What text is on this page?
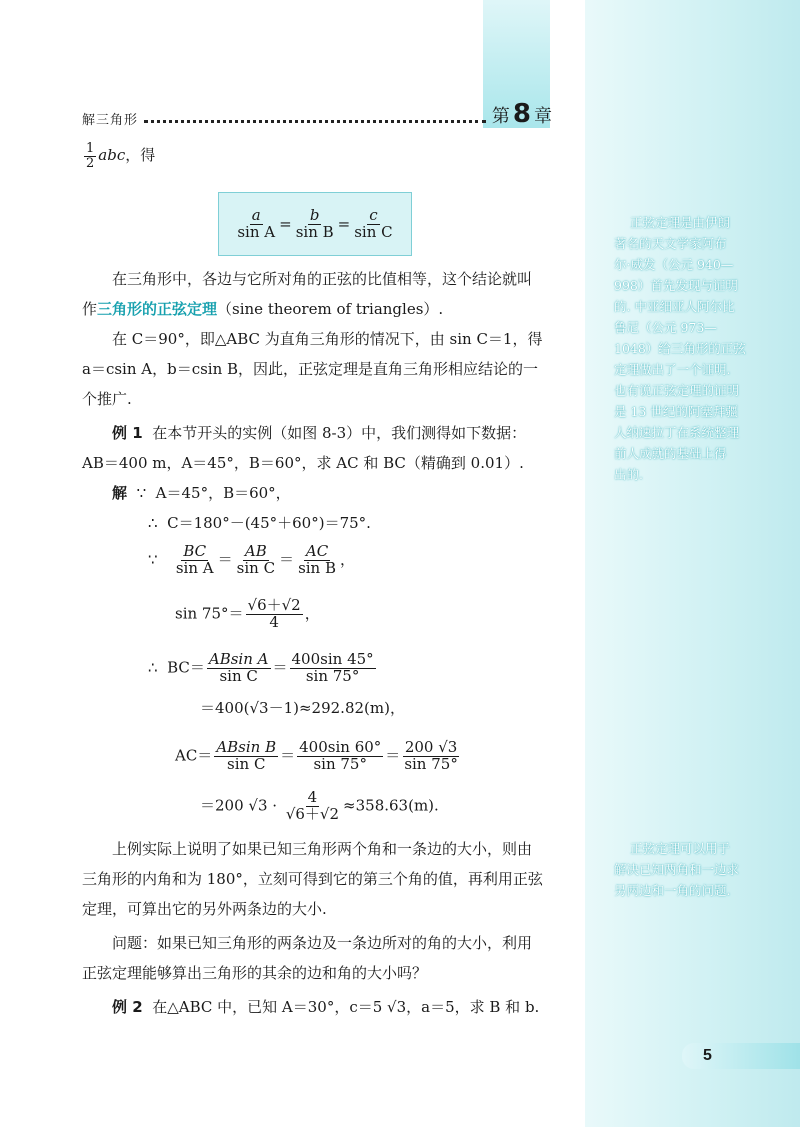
解三角形	第 8 章
$\frac{1}{2}$ abc，得
$\frac{a}{\text{sin A}} = \frac{b}{\text{sin B}} = \frac{c}{\text{sin C}}$
在三角形中，各边与它所对角的正弦的比值相等，这个结论就叫
作三角形的正弦定理（sine theorem of triangles）.
在 C＝90°，即△ABC 为直角三角形的情况下，由 sin C＝1，得
a＝csin A，b＝csin B，因此，正弦定理是直角三角形相应结论的一
个推广.
例 1 在本节开头的实例（如图 8-3）中，我们测得如下数据：
AB＝400 m，A＝45°，B＝60°，求 AC 和 BC（精确到 0.01）.
解 ∵ A＝45°，B＝60°，
∴ C＝180°－(45°＋60°)＝75°.
∵ $\frac{BC}{\text{sin A}} = \frac{AB}{\text{sin C}} = \frac{AC}{\text{sin B}}$ ，
$\sin 75^\circ= \frac{√6+√2}{4}$ ，
∴ $BC= \frac{\text{ABsin A}}{\text{sin C}} = \frac{400\sin 45^\circ}{\sin 75^\circ}$
＝400(√3－1)≈292.82(m)，
$AC= \frac{\text{ABsin B}}{\text{sin C}} = \frac{400\sin 60^\circ}{\sin 75^\circ} = \frac{200 √3}{\sin 75^\circ}$
＝200 $√3 \cdot \frac{4}{√6+√2} \approx 358.63(m)$.
上例实际上说明了如果已知三角形两个角和一条边的大小，则由
三角形的内角和为 180°，立刻可得到它的第三个角的值，再利用正弦
定理，可算出它的另外两条边的大小.
问题：如果已知三角形的两条边及一条边所对的角的大小，利用
正弦定理能够算出三角形的其余的边和角的大小吗？
例 2 在△ABC 中，已知 A＝30°，c＝5 √3，a＝5，求 B 和 b.
正弦定理是由伊朗
著名的天文学家阿布
尔·威发（公元 940—
998）首先发现与证明
的. 中亚细亚人阿尔比
鲁尼（公元 973—
1048）给三角形的正弦
定理做出了一个证明.
也有说正弦定理的证明
是 13 世纪的阿塞拜疆
人纳速拉丁在系统整理
前人成就的基础上得
出的.
正弦定理可以用于
解决已知两角和一边求
另两边和一角的问题.
5
